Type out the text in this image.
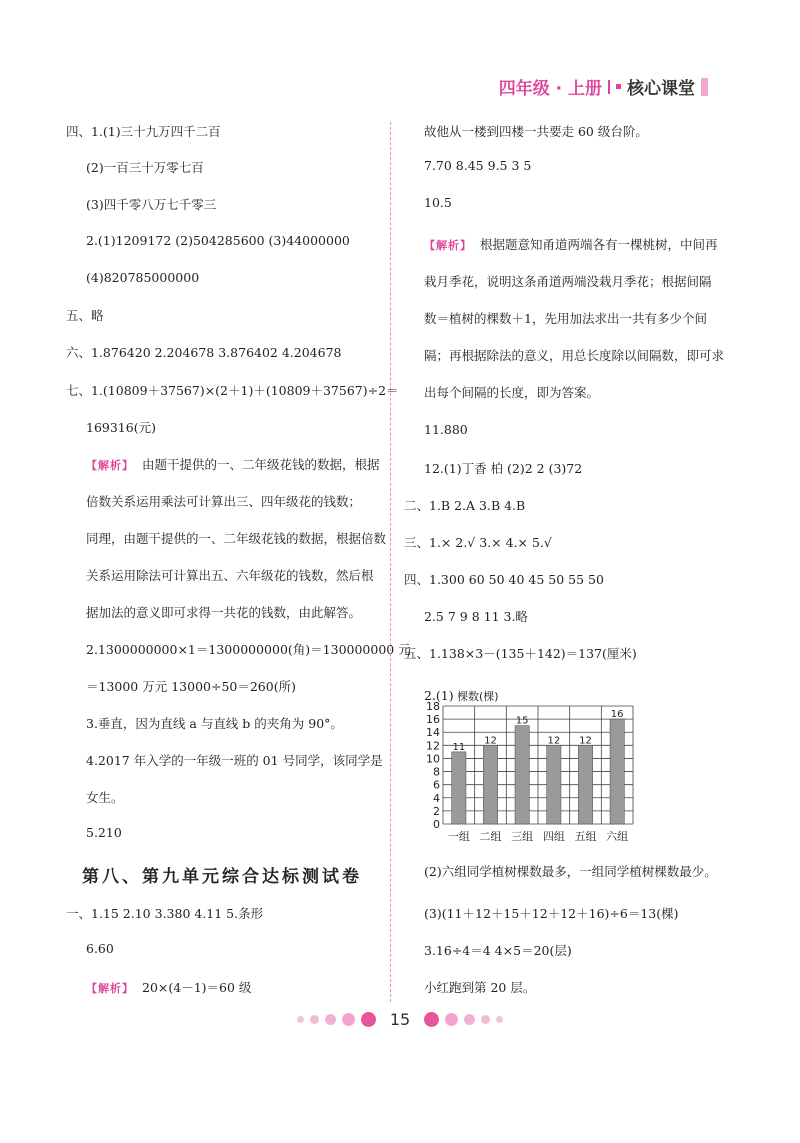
四年级 · 上册 核心课堂
四、1.(1)三十九万四千二百
(2)一百三十万零七百
(3)四千零八万七千零三
2.(1)1209172 (2)504285600 (3)44000000
(4)820785000000
五、略
六、1.876420 2.204678 3.876402 4.204678
七、1.(10809＋37567)×(2＋1)＋(10809＋37567)÷2＝
169316(元)
【 解析 】 由题干提供的一、二年级花钱的数据，根据
倍数关系运用乘法可计算出三、四年级花的钱数；
同理，由题干提供的一、二年级花钱的数据，根据倍数
关系运用除法可计算出五、六年级花的钱数，然后根
据加法的意义即可求得一共花的钱数，由此解答。
2.1300000000×1＝1300000000(角)＝130000000 元
＝13000 万元 13000÷50＝260(所)
3.垂直，因为直线 a 与直线 b 的夹角为 90°。
4.2017 年入学的一年级一班的 01 号同学，该同学是
女生。
5.210
一、1.15 2.10 3.380 4.11 5.条形
6.60
【 解析 】 20×(4－1)＝60 级
第八、第九单元综合达标测试卷
故他从一楼到四楼一共要走 60 级台阶。
7.70 8.45 9.5 3 5
10.5
【 解析 】 根据题意知甬道两端各有一棵桃树，中间再
栽月季花，说明这条甬道两端没栽月季花；根据间隔
数＝植树的棵数＋1，先用加法求出一共有多少个间
隔；再根据除法的意义，用总长度除以间隔数，即可求
出每个间隔的长度，即为答案。
11.880
12.(1)丁香 柏 (2)2 2 (3)72
二、1.B 2.A 3.B 4.B
三、1.× 2.√ 3.× 4.× 5.√
四、1.300 60 50 40 45 50 55 50
2.5 7 9 8 11 3.略
五、1.138×3－(135＋142)＝137(厘米)
2.(1)
(2)六组同学植树棵数最多，一组同学植树棵数最少。
(3)(11＋12＋15＋12＋12＋16)÷6＝13(棵)
3.16÷4＝4 4×5＝20(层)
小红跑到第 20 层。
棵数(棵)
0
2
4
6
8
10
12
14
16
18
11
一组
12
二组
15
三组
12
四组
12
五组
16
六组
15
